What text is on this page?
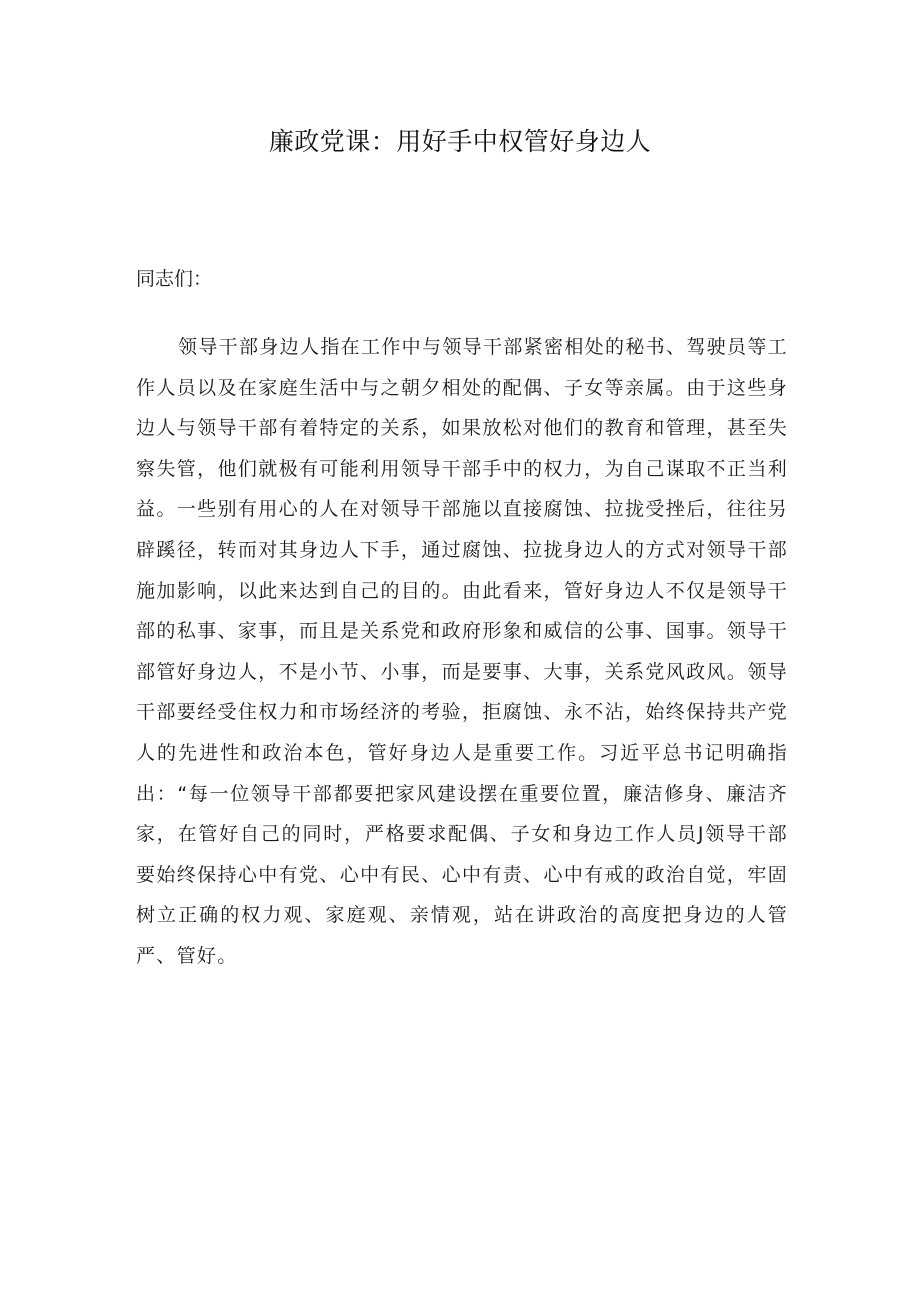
廉政党课：用好手中权管好身边人

同志们：

领导干部身边人指在工作中与领导干部紧密相处的秘书、驾驶员等工作人员以及在家庭生活中与之朝夕相处的配偶、子女等亲属。由于这些身边人与领导干部有着特定的关系，如果放松对他们的教育和管理，甚至失察失管，他们就极有可能利用领导干部手中的权力，为自己谋取不正当利益。一些别有用心的人在对领导干部施以直接腐蚀、拉拢受挫后，往往另辟蹊径，转而对其身边人下手，通过腐蚀、拉拢身边人的方式对领导干部施加影响，以此来达到自己的目的。由此看来，管好身边人不仅是领导干部的私事、家事，而且是关系党和政府形象和威信的公事、国事。领导干部管好身边人，不是小节、小事，而是要事、大事，关系党风政风。领导干部要经受住权力和市场经济的考验，拒腐蚀、永不沾，始终保持共产党人的先进性和政治本色，管好身边人是重要工作。习近平总书记明确指出：“每一位领导干部都要把家风建设摆在重要位置，廉洁修身、廉洁齐家，在管好自己的同时，严格要求配偶、子女和身边工作人员J领导干部要始终保持心中有党、心中有民、心中有责、心中有戒的政治自觉，牢固树立正确的权力观、家庭观、亲情观，站在讲政治的高度把身边的人管严、管好。
